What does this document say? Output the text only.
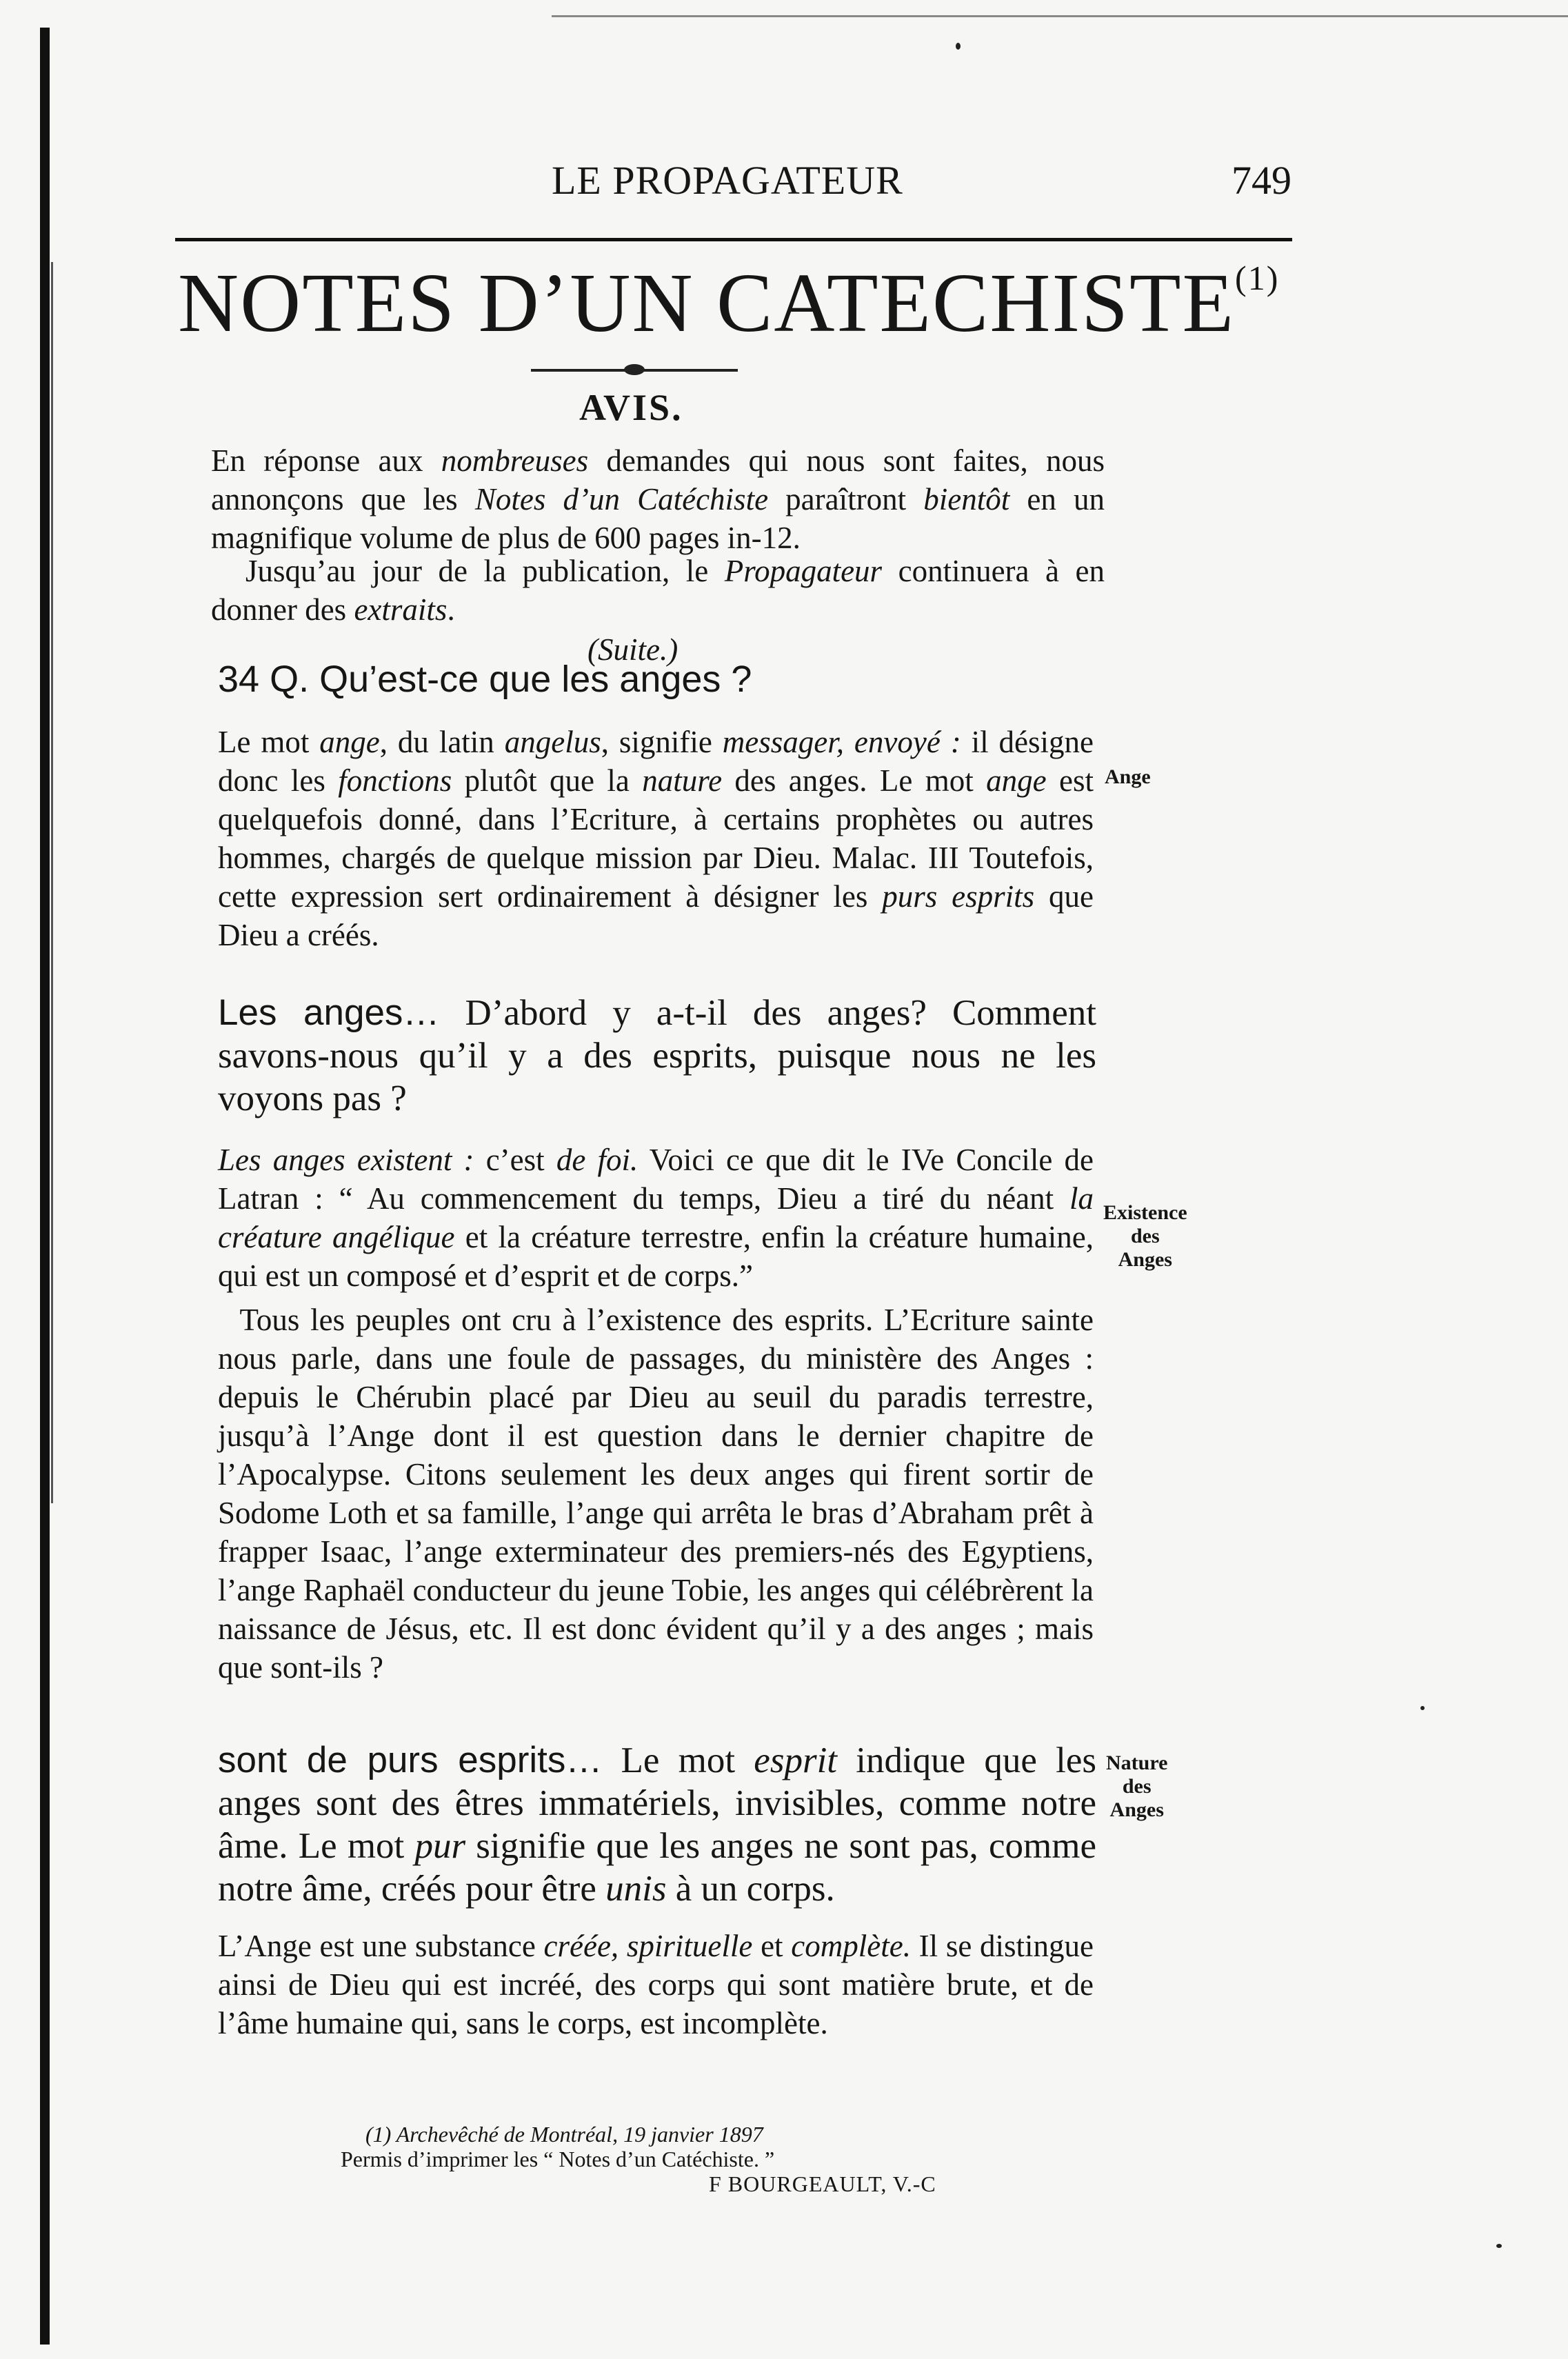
LE PROPAGATEUR	749
NOTES D’UN CATECHISTE$^{(1)}$
AVIS.
En réponse aux nombreuses demandes qui nous sont faites, nous annonçons que les Notes d’un Catéchiste paraîtront bientôt en un magnifique volume de plus de 600 pages in-12.
Jusqu’au jour de la publication, le Propagateur continuera à en donner des extraits.
(Suite.)
34 Q. Qu’est-ce que les anges ?
Le mot ange, du latin angelus, signifie messager, envoyé : il désigne donc les fonctions plutôt que la nature des anges. Le mot ange est quelquefois donné, dans l’Ecriture, à certains prophètes ou autres hommes, chargés de quelque mission par Dieu. Malac. III Toutefois, cette expression sert ordinairement à désigner les purs esprits que Dieu a créés.
Ange
Les anges… D’abord y a-t-il des anges? Comment savons-nous qu’il y a des esprits, puisque nous ne les voyons pas ?
Les anges existent : c’est de foi. Voici ce que dit le IVe Concile de Latran : “ Au commencement du temps, Dieu a tiré du néant la créature angélique et la créature terrestre, enfin la créature humaine, qui est un composé et d’esprit et de corps.”
Existence
des
Anges
Tous les peuples ont cru à l’existence des esprits. L’Ecriture sainte nous parle, dans une foule de passages, du ministère des Anges : depuis le Chérubin placé par Dieu au seuil du paradis terrestre, jusqu’à l’Ange dont il est question dans le dernier chapitre de l’Apocalypse. Citons seulement les deux anges qui firent sortir de Sodome Loth et sa famille, l’ange qui arrêta le bras d’Abraham prêt à frapper Isaac, l’ange exterminateur des premiers-nés des Egyptiens, l’ange Raphaël conducteur du jeune Tobie, les anges qui célébrèrent la naissance de Jésus, etc. Il est donc évident qu’il y a des anges ; mais que sont-ils ?
sont de purs esprits… Le mot esprit indique que les anges sont des êtres immatériels, invisibles, comme notre âme. Le mot pur signifie que les anges ne sont pas, comme notre âme, créés pour être unis à un corps.
Nature
des
Anges
L’Ange est une substance créée, spirituelle et complète. Il se distingue ainsi de Dieu qui est incréé, des corps qui sont matière brute, et de l’âme humaine qui, sans le corps, est incomplète.
(1) Archevêché de Montréal, 19 janvier 1897
Permis d’imprimer les “ Notes d’un Catéchiste. ”
F BOURGEAULT, V.-C
